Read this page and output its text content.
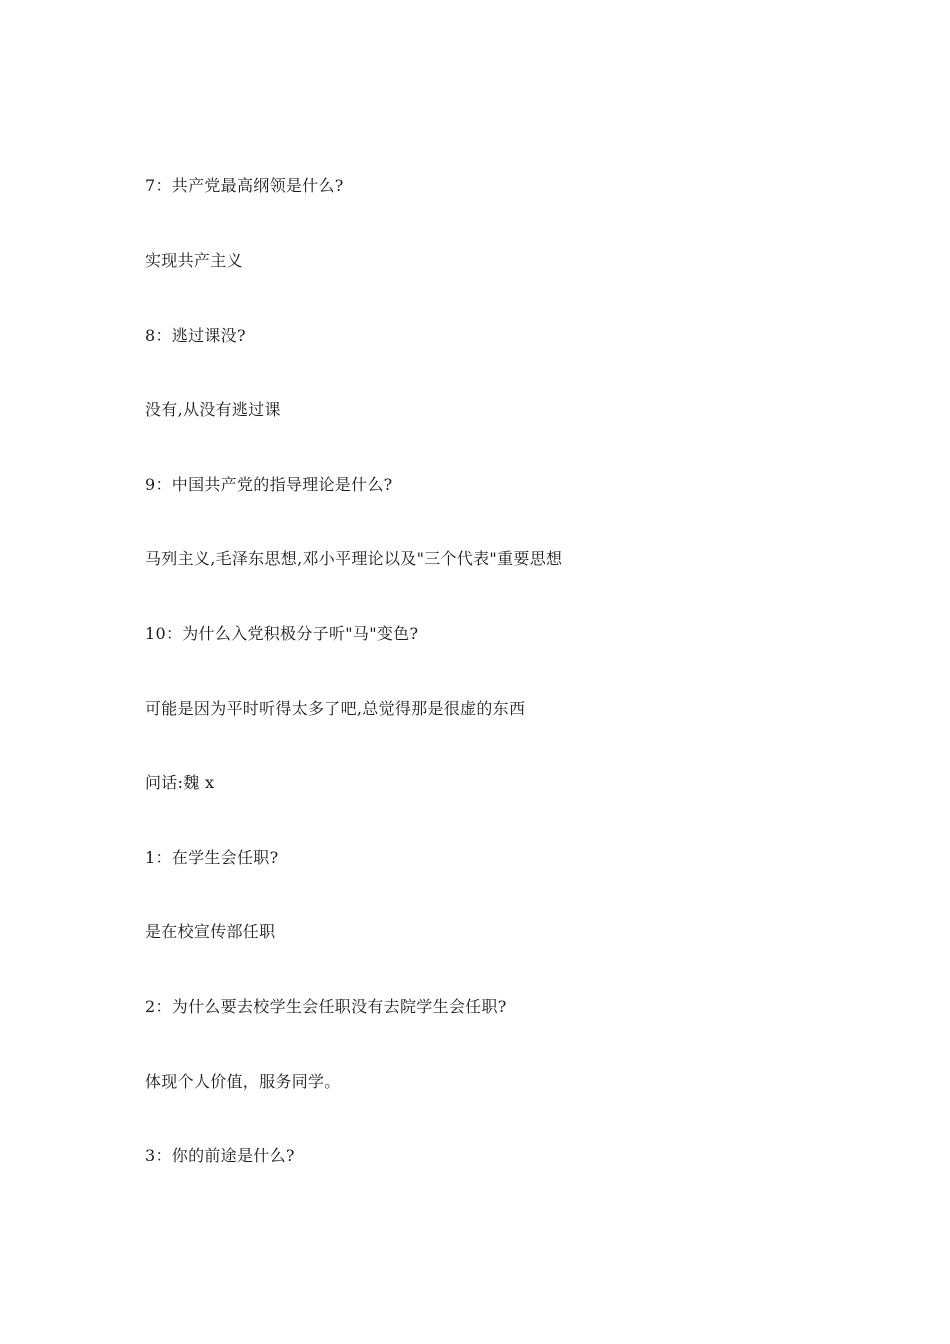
7：共产党最高纲领是什么?
实现共产主义
8：逃过课没?
没有,从没有逃过课
9：中国共产党的指导理论是什么?
马列主义,毛泽东思想,邓小平理论以及"三个代表"重要思想
10：为什么入党积极分子听"马"变色?
可能是因为平时听得太多了吧,总觉得那是很虚的东西
问话:魏 x
1：在学生会任职?
是在校宣传部任职
2：为什么要去校学生会任职没有去院学生会任职?
体现个人价值，服务同学。
3：你的前途是什么?
